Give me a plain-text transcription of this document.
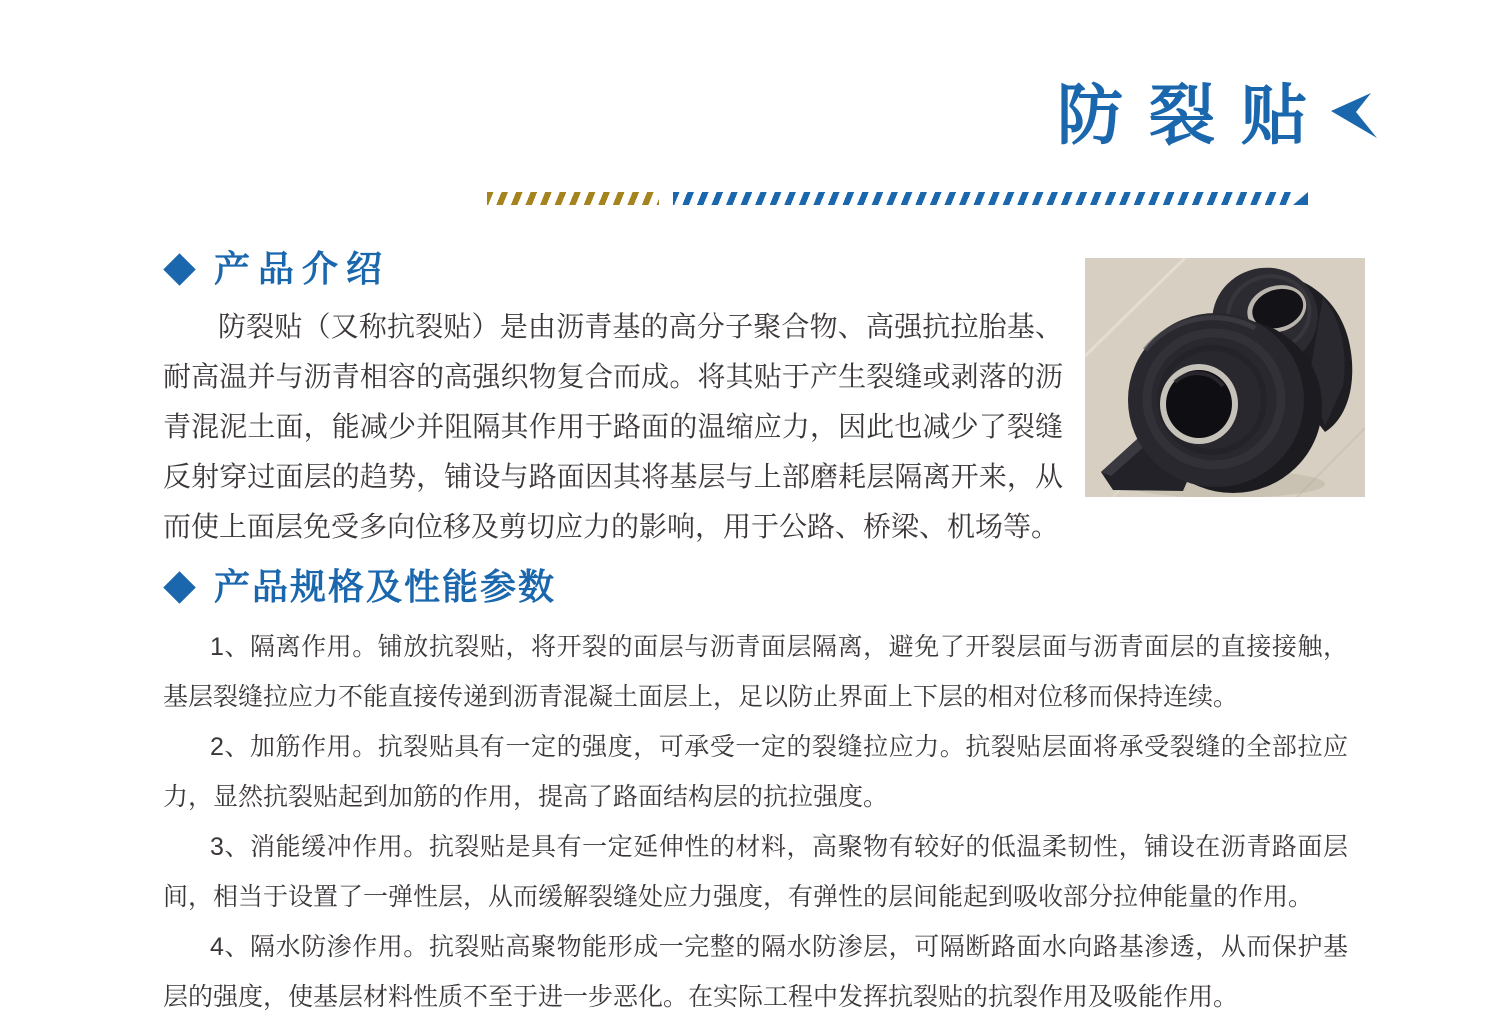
防裂贴
产品介绍

防裂贴（又称抗裂贴）是由沥青基的高分子聚合物、高强抗拉胎基、耐高温并与沥青相容的高强织物复合而成。将其贴于产生裂缝或剥落的沥青混泥土面，能减少并阻隔其作用于路面的温缩应力，因此也减少了裂缝反射穿过面层的趋势，铺设与路面因其将基层与上部磨耗层隔离开来，从而使上面层免受多向位移及剪切应力的影响，用于公路、桥梁、机场等。

产品规格及性能参数

1、隔离作用。铺放抗裂贴，将开裂的面层与沥青面层隔离，避免了开裂层面与沥青面层的直接接触，基层裂缝拉应力不能直接传递到沥青混凝土面层上，足以防止界面上下层的相对位移而保持连续。

2、加筋作用。抗裂贴具有一定的强度，可承受一定的裂缝拉应力。抗裂贴层面将承受裂缝的全部拉应力，显然抗裂贴起到加筋的作用，提高了路面结构层的抗拉强度。

3、消能缓冲作用。抗裂贴是具有一定延伸性的材料，高聚物有较好的低温柔韧性，铺设在沥青路面层间，相当于设置了一弹性层，从而缓解裂缝处应力强度，有弹性的层间能起到吸收部分拉伸能量的作用。

4、隔水防渗作用。抗裂贴高聚物能形成一完整的隔水防渗层，可隔断路面水向路基渗透，从而保护基层的强度，使基层材料性质不至于进一步恶化。在实际工程中发挥抗裂贴的抗裂作用及吸能作用。
